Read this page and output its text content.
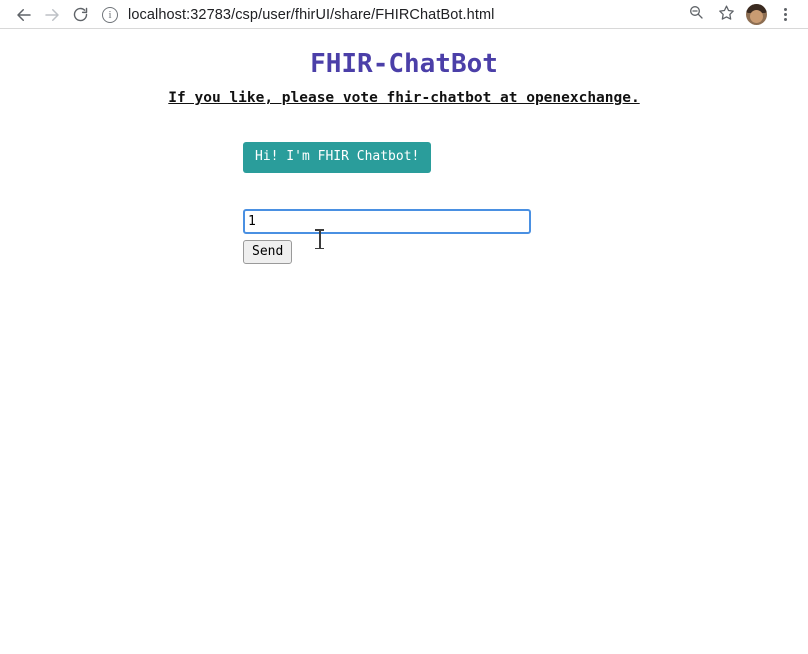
i	localhost:32783/csp/user/fhirUI/share/FHIRChatBot.html
FHIR-ChatBot
If you like, please vote fhir-chatbot at openexchange.
Hi! I'm FHIR Chatbot!
1
Send
